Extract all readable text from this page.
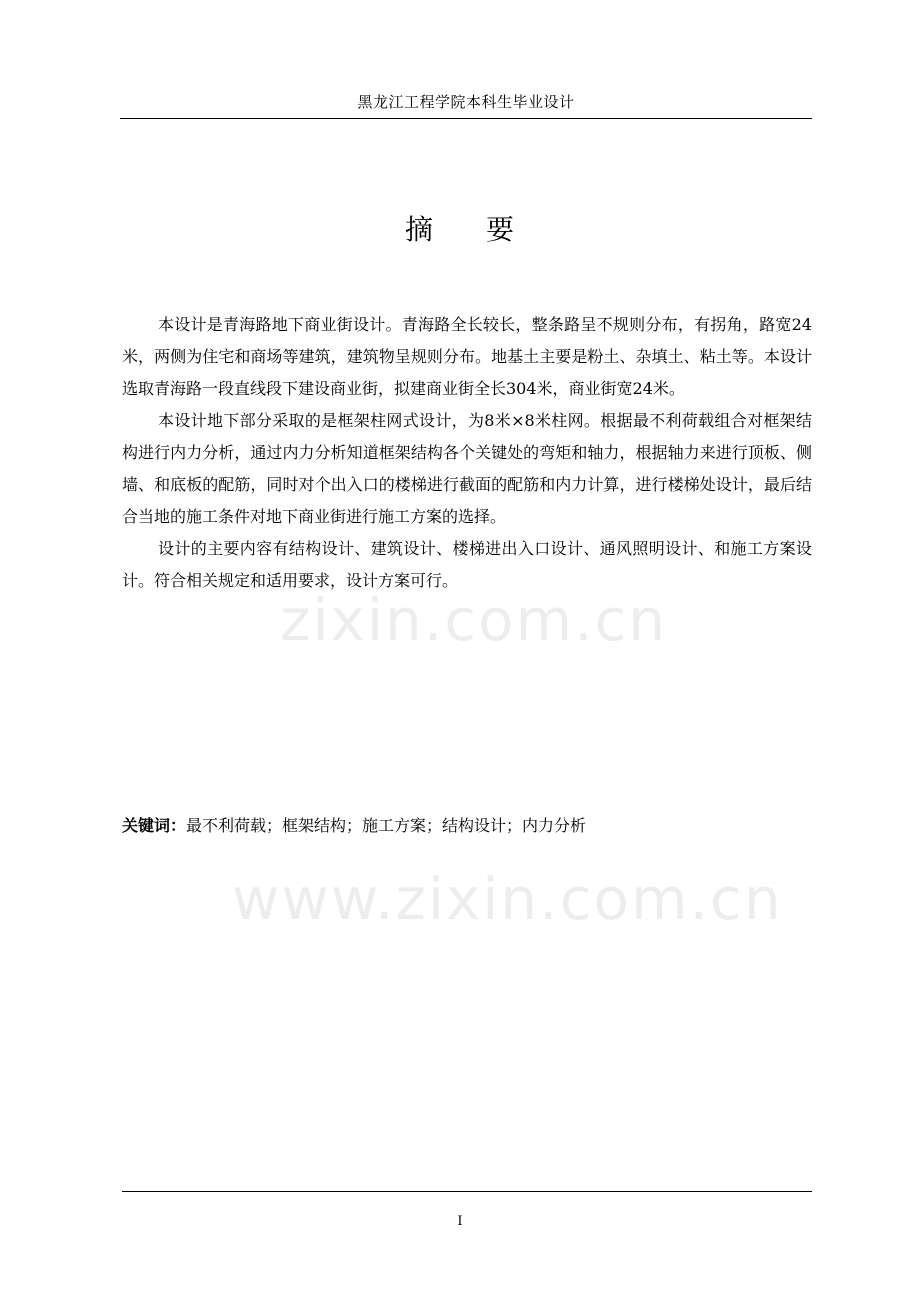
黑龙江工程学院本科生毕业设计
摘 要

本设计是青海路地下商业街设计。青海路全长较长，整条路呈不规则分布，有拐角，路宽24米，两侧为住宅和商场等建筑，建筑物呈规则分布。地基土主要是粉土、杂填土、粘土等。本设计选取青海路一段直线段下建设商业街，拟建商业街全长304米，商业街宽24米。

本设计地下部分采取的是框架柱网式设计，为8米×8米柱网。根据最不利荷载组合对框架结构进行内力分析，通过内力分析知道框架结构各个关键处的弯矩和轴力，根据轴力来进行顶板、侧墙、和底板的配筋，同时对个出入口的楼梯进行截面的配筋和内力计算，进行楼梯处设计，最后结合当地的施工条件对地下商业街进行施工方案的选择。

设计的主要内容有结构设计、建筑设计、楼梯进出入口设计、通风照明设计、和施工方案设计。符合相关规定和适用要求，设计方案可行。

关键词：最不利荷载；框架结构；施工方案；结构设计；内力分析
zixin.com.cn
www.zixin.com.cn
I
